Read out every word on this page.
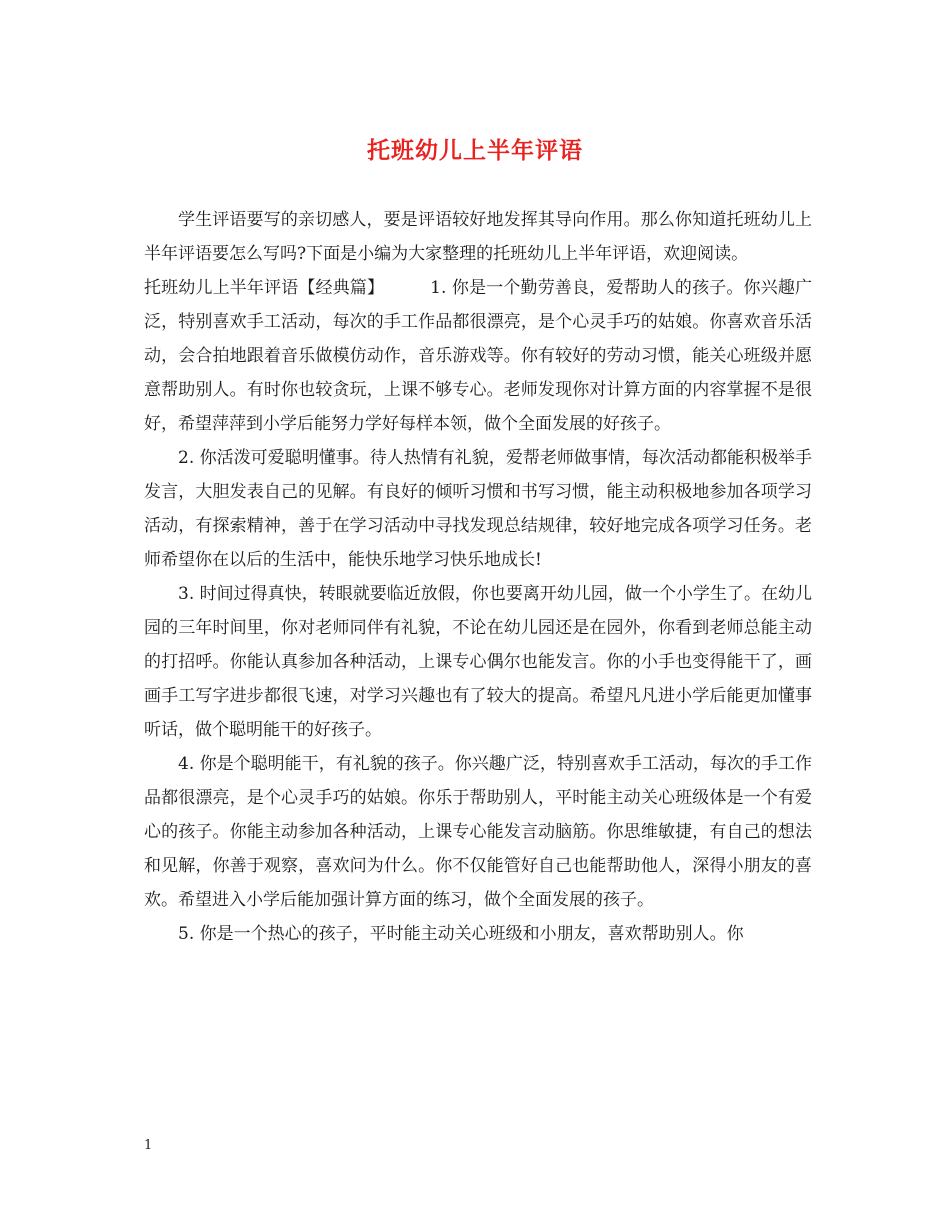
托班幼儿上半年评语

学生评语要写的亲切感人，要是评语较好地发挥其导向作用。那么你知道托班幼儿上半年评语要怎么写吗?下面是小编为大家整理的托班幼儿上半年评语，欢迎阅读。

托班幼儿上半年评语【经典篇】	1. 你是一个勤劳善良，爱帮助人的孩子。你兴趣广泛，特别喜欢手工活动，每次的手工作品都很漂亮，是个心灵手巧的姑娘。你喜欢音乐活动，会合拍地跟着音乐做模仿动作，音乐游戏等。你有较好的劳动习惯，能关心班级并愿意帮助别人。有时你也较贪玩，上课不够专心。老师发现你对计算方面的内容掌握不是很好，希望萍萍到小学后能努力学好每样本领，做个全面发展的好孩子。

2. 你活泼可爱聪明懂事。待人热情有礼貌，爱帮老师做事情，每次活动都能积极举手发言，大胆发表自己的见解。有良好的倾听习惯和书写习惯，能主动积极地参加各项学习活动，有探索精神，善于在学习活动中寻找发现总结规律，较好地完成各项学习任务。老师希望你在以后的生活中，能快乐地学习快乐地成长!

3. 时间过得真快，转眼就要临近放假，你也要离开幼儿园，做一个小学生了。在幼儿园的三年时间里，你对老师同伴有礼貌，不论在幼儿园还是在园外，你看到老师总能主动的打招呼。你能认真参加各种活动，上课专心偶尔也能发言。你的小手也变得能干了，画画手工写字进步都很飞速，对学习兴趣也有了较大的提高。希望凡凡进小学后能更加懂事听话，做个聪明能干的好孩子。

4. 你是个聪明能干，有礼貌的孩子。你兴趣广泛，特别喜欢手工活动，每次的手工作品都很漂亮，是个心灵手巧的姑娘。你乐于帮助别人，平时能主动关心班级体是一个有爱心的孩子。你能主动参加各种活动，上课专心能发言动脑筋。你思维敏捷，有自己的想法和见解，你善于观察，喜欢问为什么。你不仅能管好自己也能帮助他人，深得小朋友的喜欢。希望进入小学后能加强计算方面的练习，做个全面发展的孩子。

5. 你是一个热心的孩子，平时能主动关心班级和小朋友，喜欢帮助别人。你

1
